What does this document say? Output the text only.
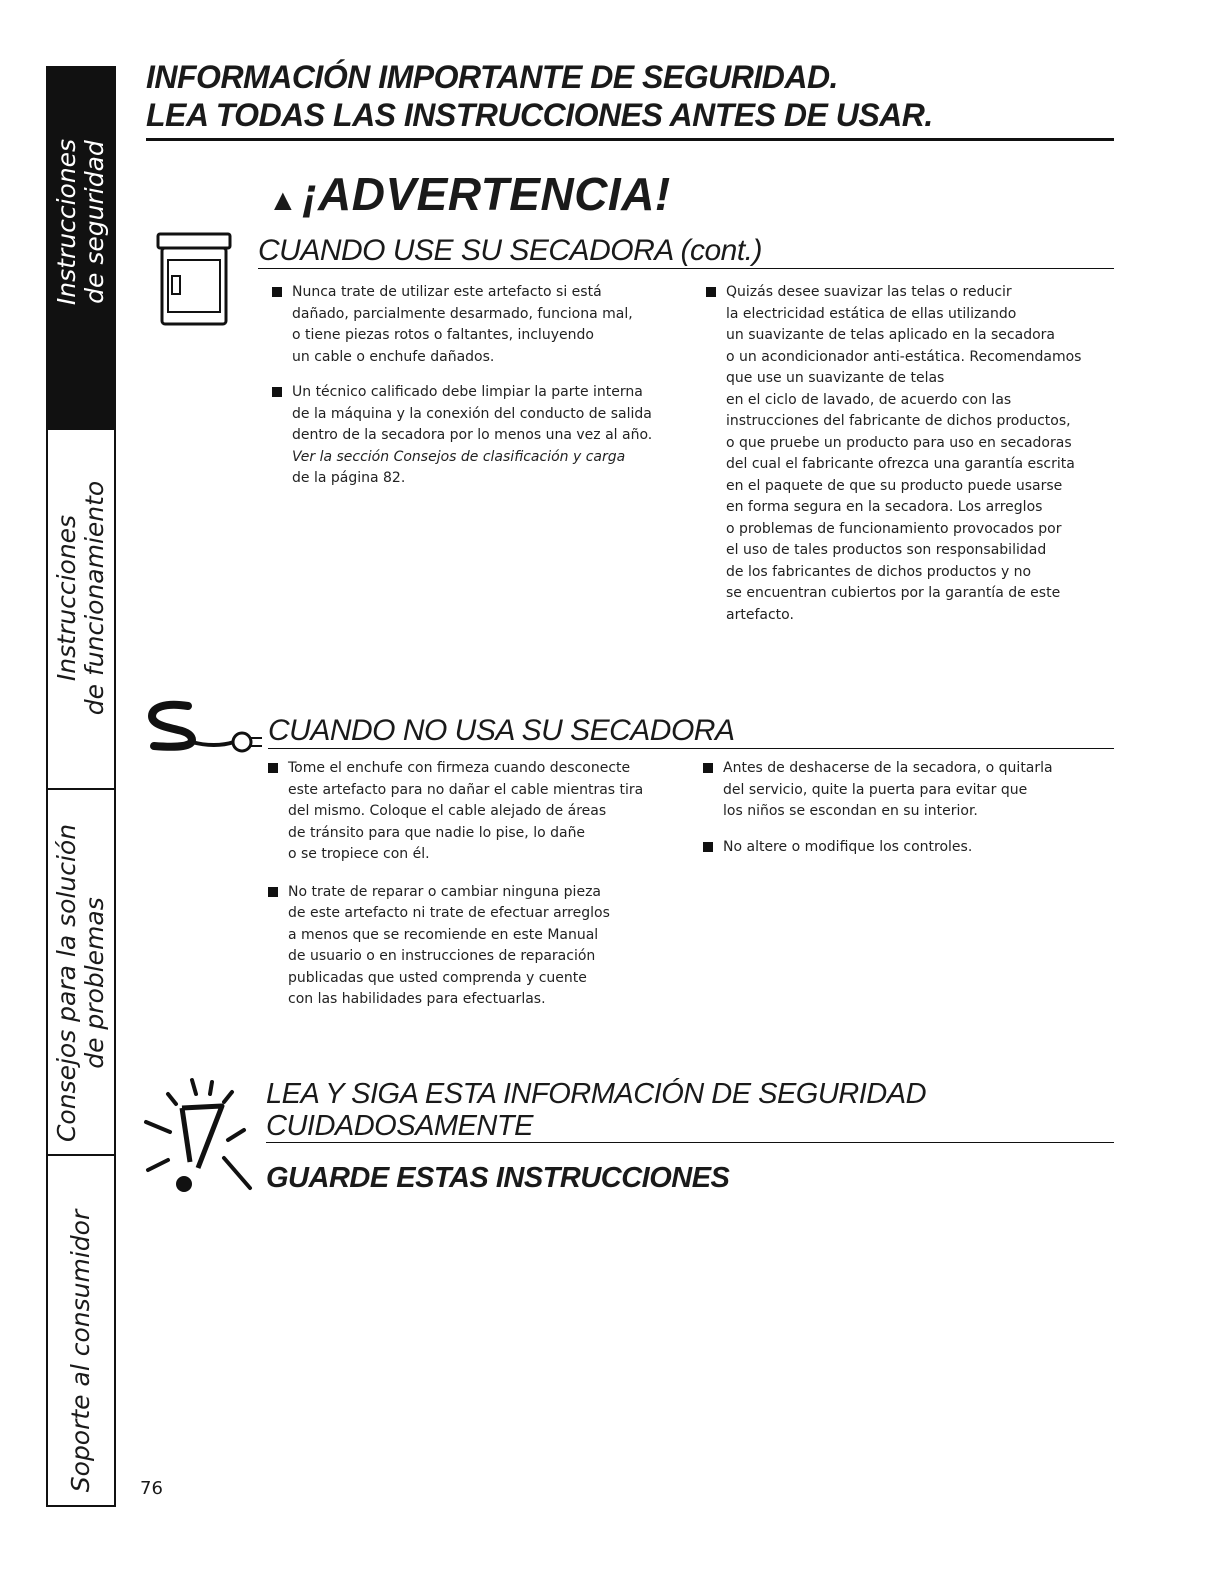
Instrucciones de seguridad
Instrucciones de funcionamiento
Consejos para la solución de problemas
Soporte al consumidor
INFORMACIÓN IMPORTANTE DE SEGURIDAD.
LEA TODAS LAS INSTRUCCIONES ANTES DE USAR.
▲¡ADVERTENCIA!
CUANDO USE SU SECADORA (cont.)

Nunca trate de utilizar este artefacto si está
dañado, parcialmente desarmado, funciona mal,
o tiene piezas rotos o faltantes, incluyendo
un cable o enchufe dañados.

Un técnico calificado debe limpiar la parte interna
de la máquina y la conexión del conducto de salida
dentro de la secadora por lo menos una vez al año.
Ver la sección Consejos de clasificación y carga
de la página 82.

Quizás desee suavizar las telas o reducir
la electricidad estática de ellas utilizando
un suavizante de telas aplicado en la secadora
o un acondicionador anti-estática. Recomendamos
que use un suavizante de telas
en el ciclo de lavado, de acuerdo con las
instrucciones del fabricante de dichos productos,
o que pruebe un producto para uso en secadoras
del cual el fabricante ofrezca una garantía escrita
en el paquete de que su producto puede usarse
en forma segura en la secadora. Los arreglos
o problemas de funcionamiento provocados por
el uso de tales productos son responsabilidad
de los fabricantes de dichos productos y no
se encuentran cubiertos por la garantía de este
artefacto.

CUANDO NO USA SU SECADORA

Tome el enchufe con firmeza cuando desconecte
este artefacto para no dañar el cable mientras tira
del mismo. Coloque el cable alejado de áreas
de tránsito para que nadie lo pise, lo dañe
o se tropiece con él.

No trate de reparar o cambiar ninguna pieza
de este artefacto ni trate de efectuar arreglos
a menos que se recomiende en este Manual
de usuario o en instrucciones de reparación
publicadas que usted comprenda y cuente
con las habilidades para efectuarlas.

Antes de deshacerse de la secadora, o quitarla
del servicio, quite la puerta para evitar que
los niños se escondan en su interior.

No altere o modifique los controles.

LEA Y SIGA ESTA INFORMACIÓN DE SEGURIDAD
CUIDADOSAMENTE
GUARDE ESTAS INSTRUCCIONES
76
